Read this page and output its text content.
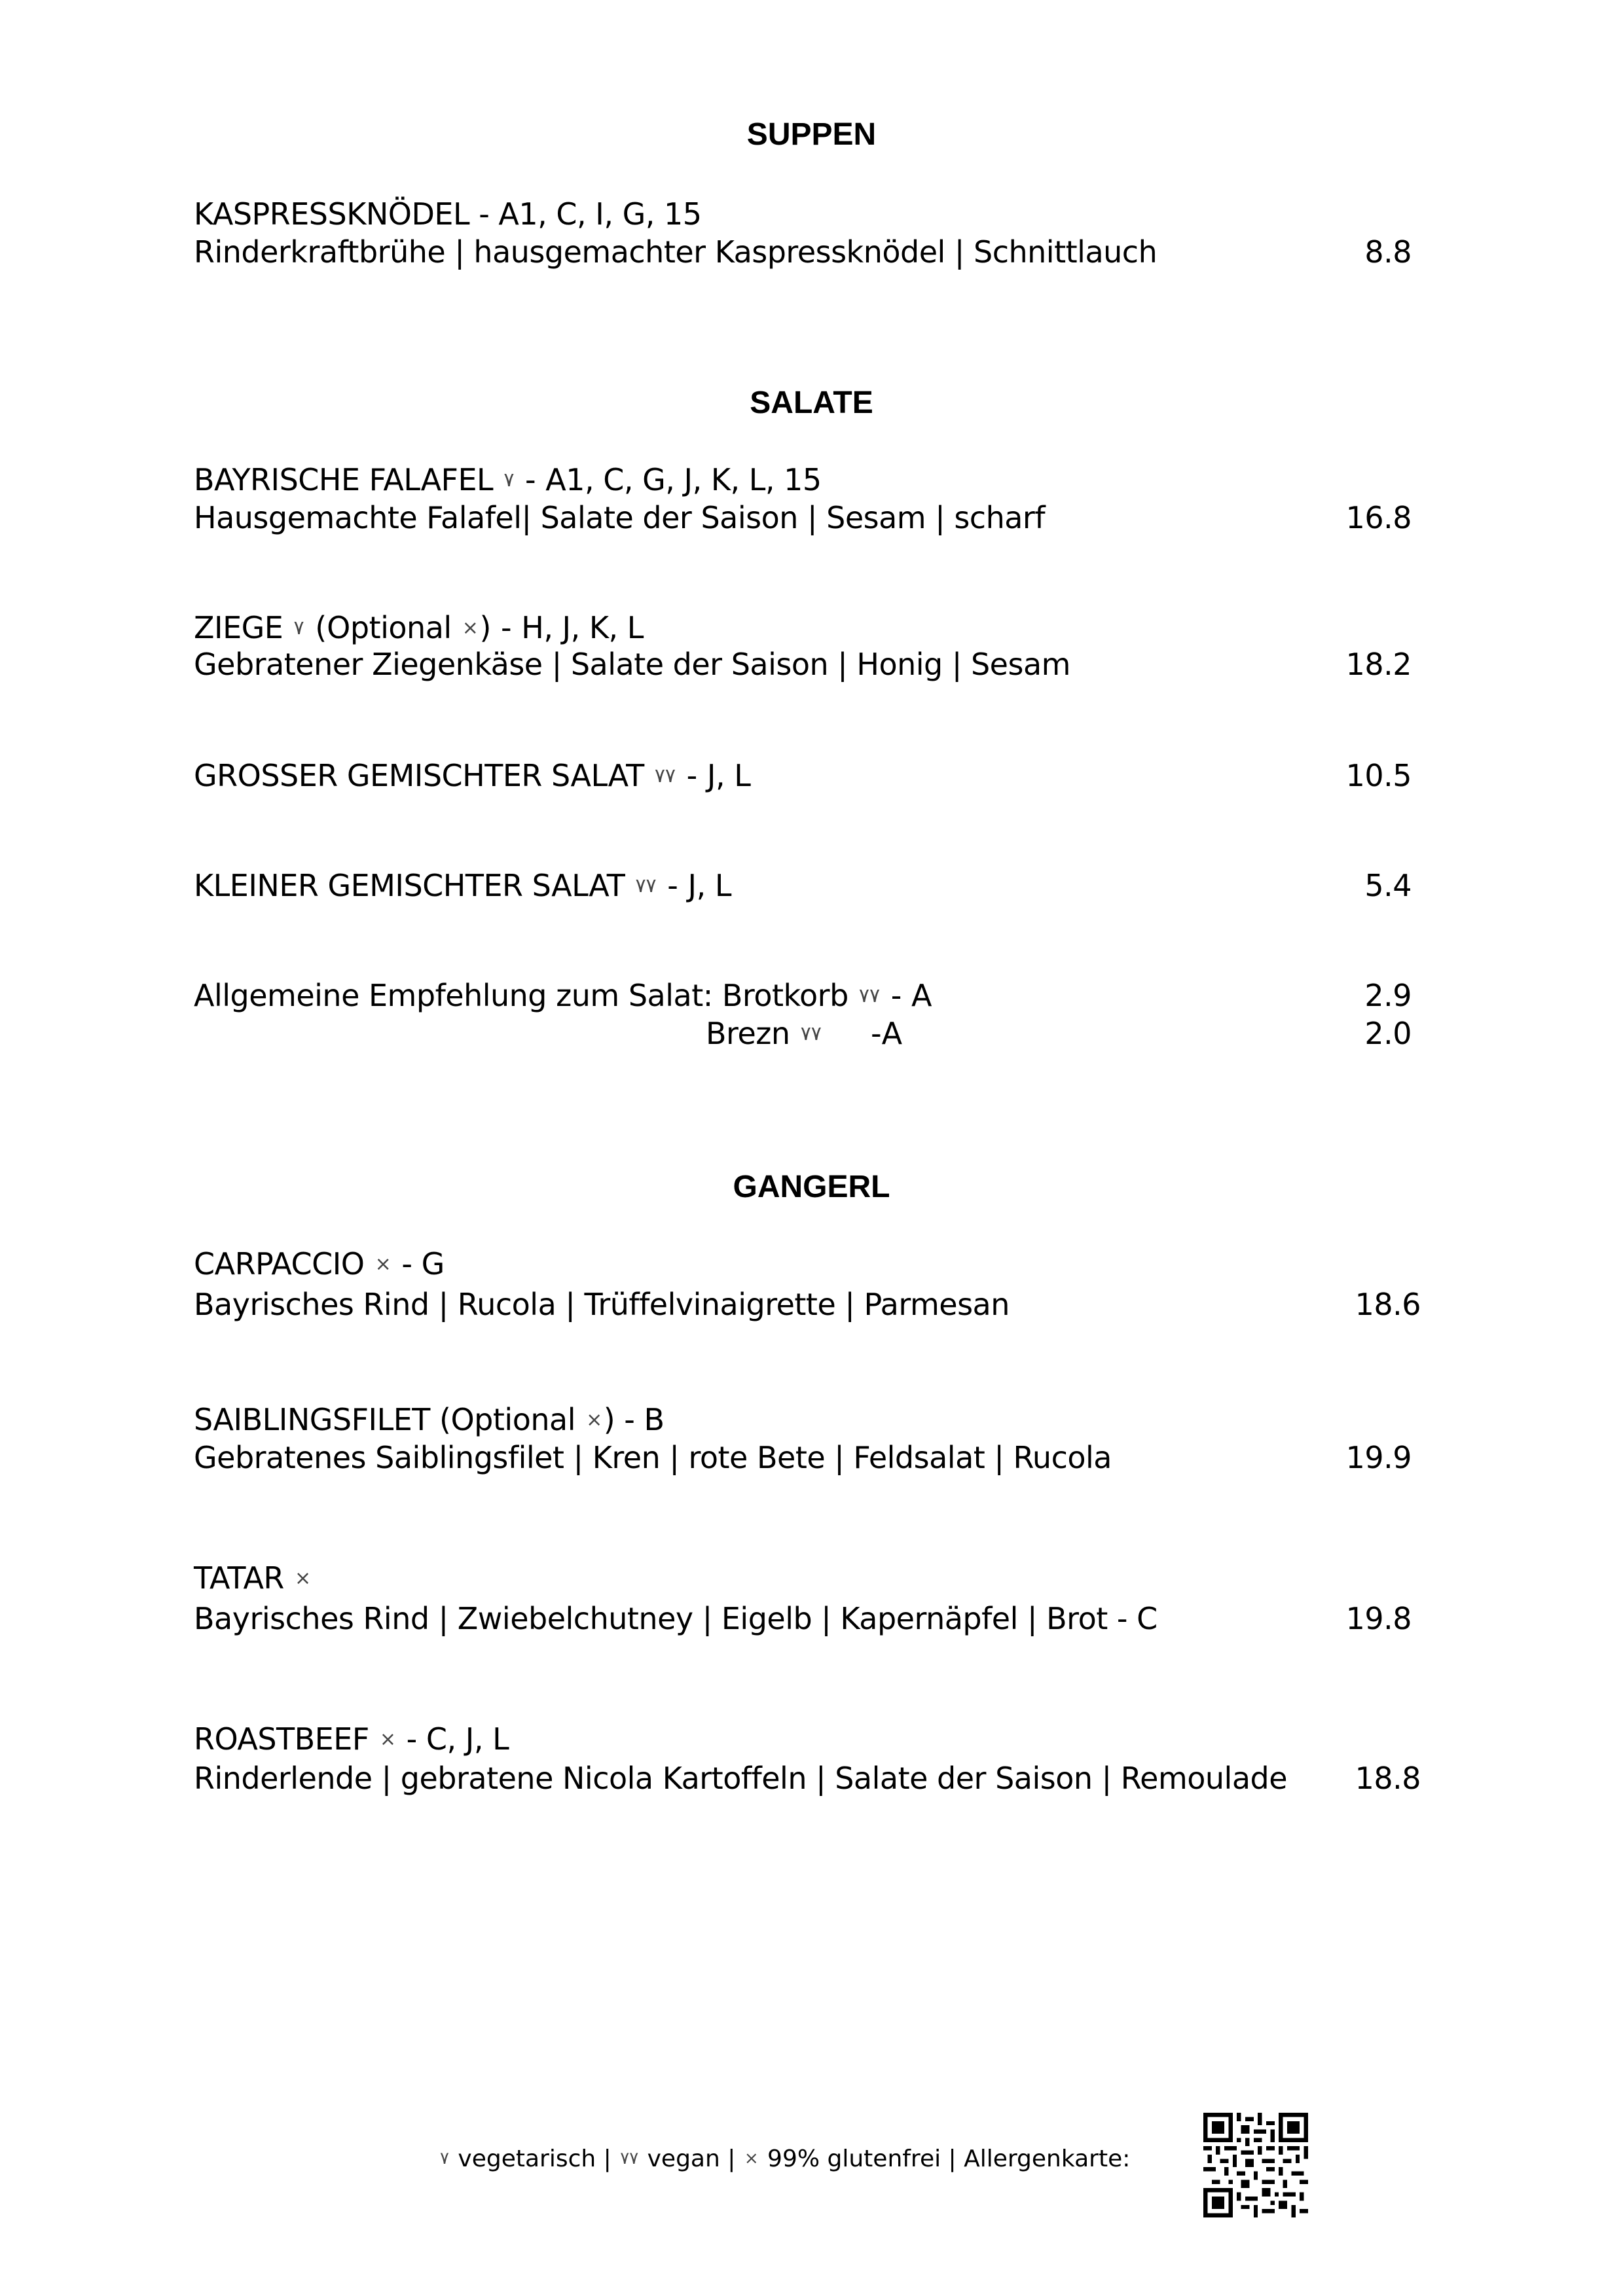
SUPPEN
KASPRESSKNÖDEL - A1, C, I, G, 15
Rinderkraftbrühe | hausgemachter Kaspressknödel | Schnittlauch	8.8
SALATE
BAYRISCHE FALAFEL ٧ - A1, C, G, J, K, L, 15
Hausgemachte Falafel| Salate der Saison | Sesam | scharf	16.8
ZIEGE ٧ (Optional ⨯) - H, J, K, L
Gebratener Ziegenkäse | Salate der Saison | Honig | Sesam	18.2
GROSSER GEMISCHTER SALAT ٧٧ - J, L	10.5
KLEINER GEMISCHTER SALAT ٧٧ - J, L	5.4
Allgemeine Empfehlung zum Salat: Brotkorb ٧٧ - A	2.9
Brezn ٧٧     -A	2.0
GANGERL
CARPACCIO ⨯ - G
Bayrisches Rind | Rucola | Trüffelvinaigrette | Parmesan	18.6
SAIBLINGSFILET (Optional ⨯) - B
Gebratenes Saiblingsfilet | Kren | rote Bete | Feldsalat | Rucola	19.9
TATAR ⨯
Bayrisches Rind | Zwiebelchutney | Eigelb | Kapernäpfel | Brot - C	19.8
ROASTBEEF ⨯ - C, J, L
Rinderlende | gebratene Nicola Kartoffeln | Salate der Saison | Remoulade	18.8
٧ vegetarisch | ٧٧ vegan | ⨯ 99% glutenfrei | Allergenkarte:
